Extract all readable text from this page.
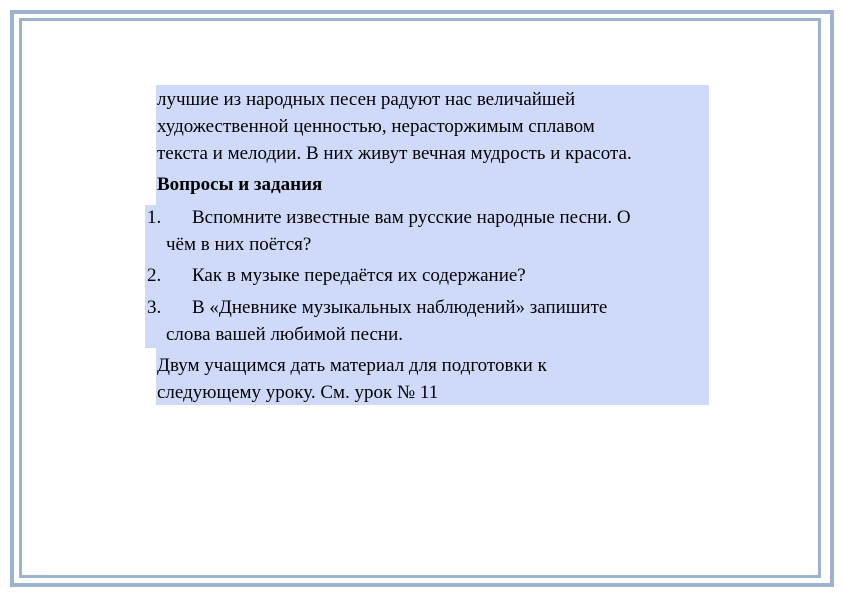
лучшие из народных песен радуют нас величайшей
художественной ценностью, нерасторжимым сплавом
текста и мелодии. В них живут вечная мудрость и красота.
Вопросы и задания
1. Вспомните известные вам русские народные песни. О
чём в них поётся?
2. Как в музыке передаётся их содержание?
3. В «Дневнике музыкальных наблюдений» запишите
слова вашей любимой песни.
Двум учащимся дать материал для подготовки к
следующему уроку. См. урок № 11
